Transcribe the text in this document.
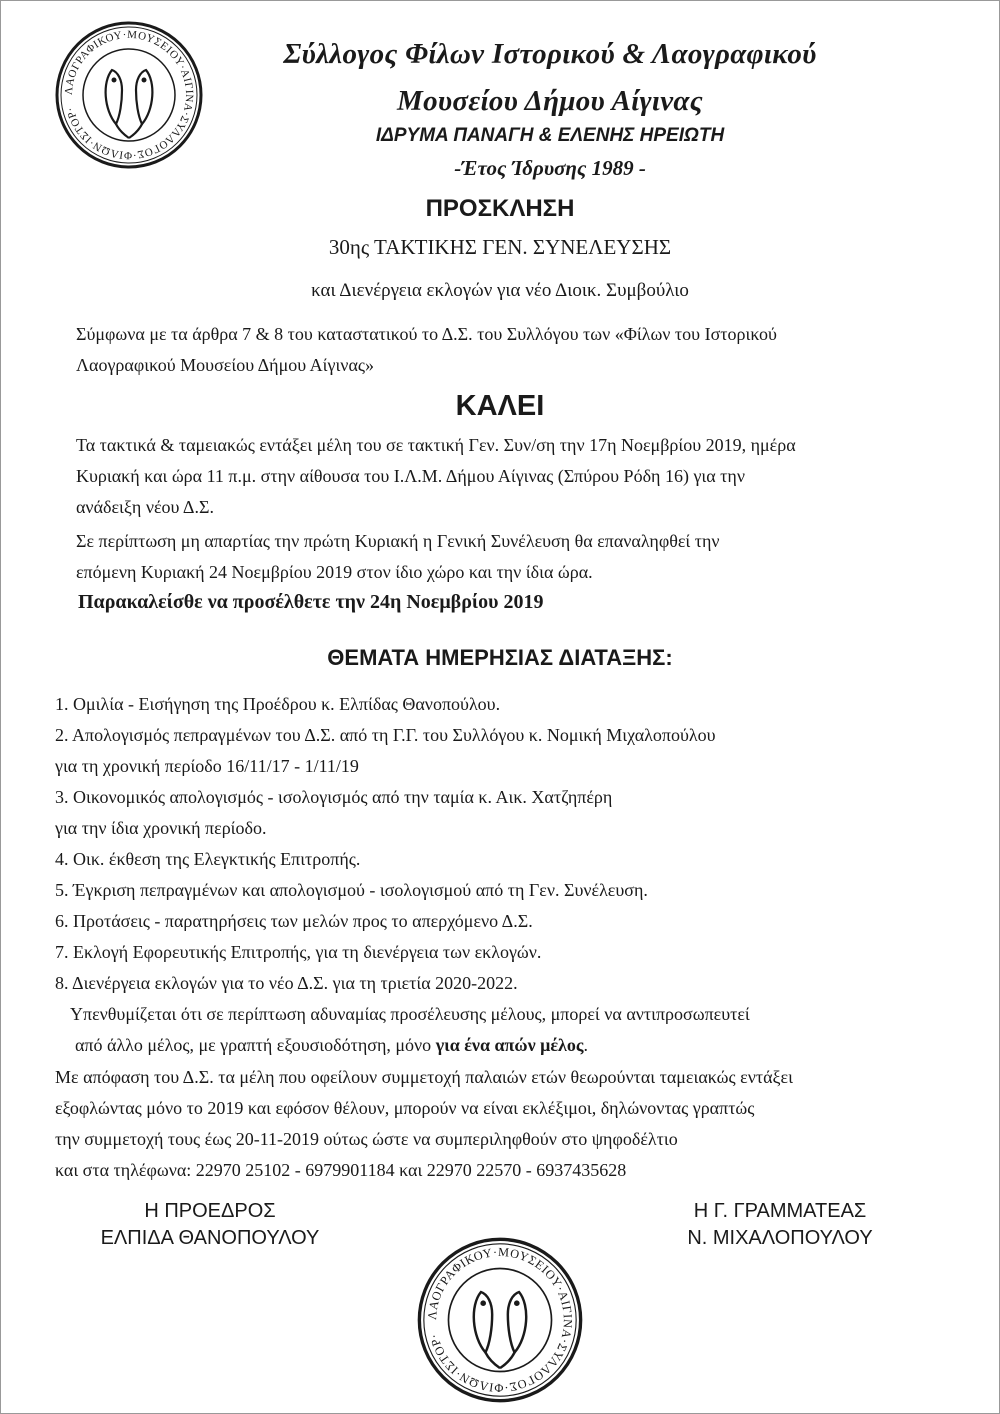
ΛΑΟΓΡΑΦΙΚΟΥ·ΜΟΥΣΕΙΟΥ·ΑΙΓΙΝΑ·ΣΥΛΛΟΓΟΣ·ΦΙΛΩΝ·ΙΣΤΟΡ·
Σύλλογος Φίλων Ιστορικού & Λαογραφικού
Μουσείου Δήμου Αίγινας
ΙΔΡΥΜΑ ΠΑΝΑΓΗ & ΕΛΕΝΗΣ ΗΡΕΙΩΤΗ
-Έτος Ίδρυσης 1989 -
ΠΡΟΣΚΛΗΣΗ
30ης ΤΑΚΤΙΚΗΣ ΓΕΝ. ΣΥΝΕΛΕΥΣΗΣ
και Διενέργεια εκλογών για νέο Διοικ. Συμβούλιο
Σύμφωνα με τα άρθρα 7 & 8 του καταστατικού το Δ.Σ. του Συλλόγου των «Φίλων του Ιστορικού
Λαογραφικού Μουσείου Δήμου Αίγινας»
ΚΑΛΕΙ
Τα τακτικά & ταμειακώς εντάξει μέλη του σε τακτική Γεν. Συν/ση την 17η Νοεμβρίου 2019, ημέρα
Κυριακή και ώρα 11 π.μ. στην αίθουσα του Ι.Λ.Μ. Δήμου Αίγινας (Σπύρου Ρόδη 16) για την
ανάδειξη νέου Δ.Σ.
Σε περίπτωση μη απαρτίας την πρώτη Κυριακή η Γενική Συνέλευση θα επαναληφθεί την
επόμενη Κυριακή 24 Νοεμβρίου 2019 στον ίδιο χώρο και την ίδια ώρα.
Παρακαλείσθε να προσέλθετε την 24η Νοεμβρίου 2019
ΘΕΜΑΤΑ ΗΜΕΡΗΣΙΑΣ ΔΙΑΤΑΞΗΣ:
1. Ομιλία - Εισήγηση της Προέδρου κ. Ελπίδας Θανοπούλου.
2. Απολογισμός πεπραγμένων του Δ.Σ. από τη Γ.Γ. του Συλλόγου κ. Νομική Μιχαλοπούλου
για τη χρονική περίοδο 16/11/17 - 1/11/19
3. Οικονομικός απολογισμός - ισολογισμός από την ταμία κ. Αικ. Χατζηπέρη
για την ίδια χρονική περίοδο.
4. Οικ. έκθεση της Ελεγκτικής Επιτροπής.
5. Έγκριση πεπραγμένων και απολογισμού - ισολογισμού από τη Γεν. Συνέλευση.
6. Προτάσεις - παρατηρήσεις των μελών προς το απερχόμενο Δ.Σ.
7. Εκλογή Εφορευτικής Επιτροπής, για τη διενέργεια των εκλογών.
8. Διενέργεια εκλογών για το νέο Δ.Σ. για τη τριετία 2020-2022.
Υπενθυμίζεται ότι σε περίπτωση αδυναμίας προσέλευσης μέλους, μπορεί να αντιπροσωπευτεί
από άλλο μέλος, με γραπτή εξουσιοδότηση, μόνο για ένα απών μέλος.
Με απόφαση του Δ.Σ. τα μέλη που οφείλουν συμμετοχή παλαιών ετών θεωρούνται ταμειακώς εντάξει
εξοφλώντας μόνο το 2019 και εφόσον θέλουν, μπορούν να είναι εκλέξιμοι, δηλώνοντας γραπτώς
την συμμετοχή τους έως 20-11-2019 ούτως ώστε να συμπεριληφθούν στο ψηφοδέλτιο
και στα τηλέφωνα: 22970 25102 - 6979901184 και 22970 22570 - 6937435628
Η ΠΡΟΕΔΡΟΣ
ΕΛΠΙΔΑ ΘΑΝΟΠΟΥΛΟΥ
Η Γ. ΓΡΑΜΜΑΤΕΑΣ
Ν. ΜΙΧΑΛΟΠΟΥΛΟΥ
ΛΑΟΓΡΑΦΙΚΟΥ·ΜΟΥΣΕΙΟΥ·ΑΙΓΙΝΑ·ΣΥΛΛΟΓΟΣ·ΦΙΛΩΝ·ΙΣΤΟΡ·
